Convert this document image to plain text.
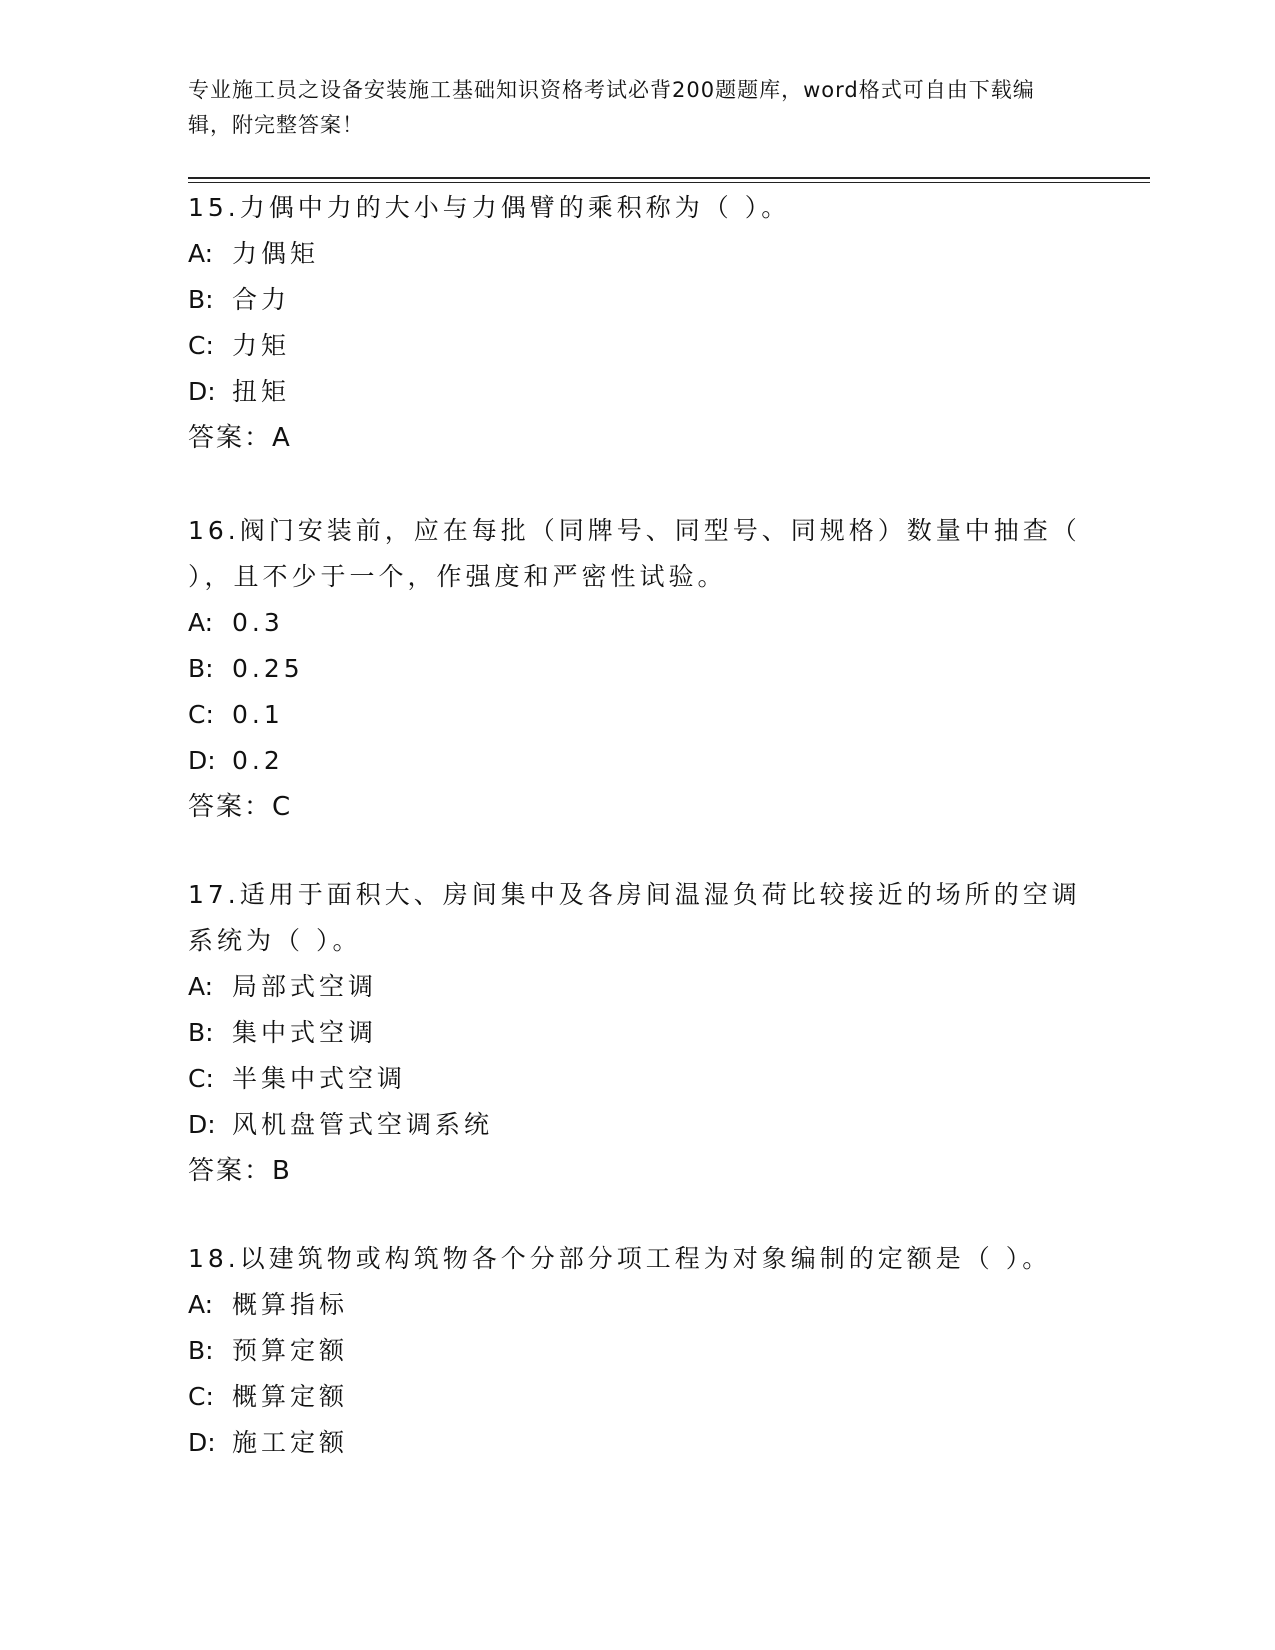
专业施工员之设备安装施工基础知识资格考试必背200题题库，word格式可自由下载编辑，附完整答案！

15.力偶中力的大小与力偶臂的乘积称为（ ）。

A: 力偶矩

B: 合力

C: 力矩

D: 扭矩

答案：A

16.阀门安装前，应在每批（同牌号、同型号、同规格）数量中抽查（ ），且不少于一个，作强度和严密性试验。

A: 0.3

B: 0.25

C: 0.1

D: 0.2

答案：C

17.适用于面积大、房间集中及各房间温湿负荷比较接近的场所的空调系统为（ ）。

A: 局部式空调

B: 集中式空调

C: 半集中式空调

D: 风机盘管式空调系统

答案：B

18.以建筑物或构筑物各个分部分项工程为对象编制的定额是（ ）。

A: 概算指标

B: 预算定额

C: 概算定额

D: 施工定额
